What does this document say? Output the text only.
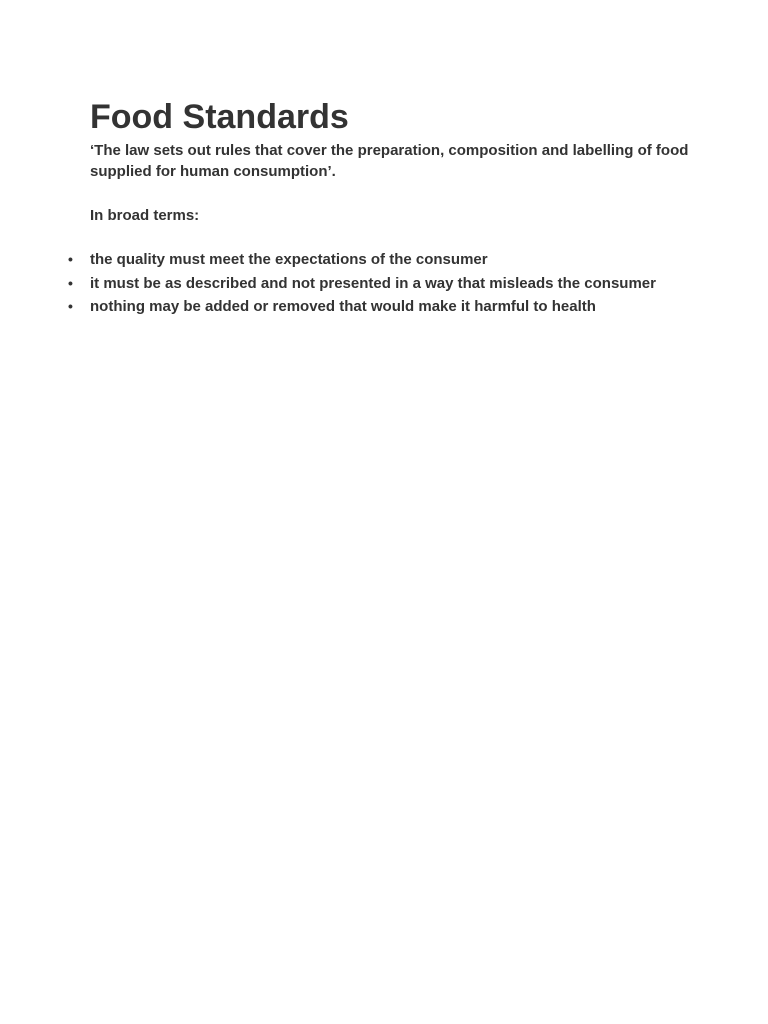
Food Standards

‘The law sets out rules that cover the preparation, composition and labelling of food supplied for human consumption’.

In broad terms:

• the quality must meet the expectations of the consumer
• it must be as described and not presented in a way that misleads the consumer
• nothing may be added or removed that would make it harmful to health
